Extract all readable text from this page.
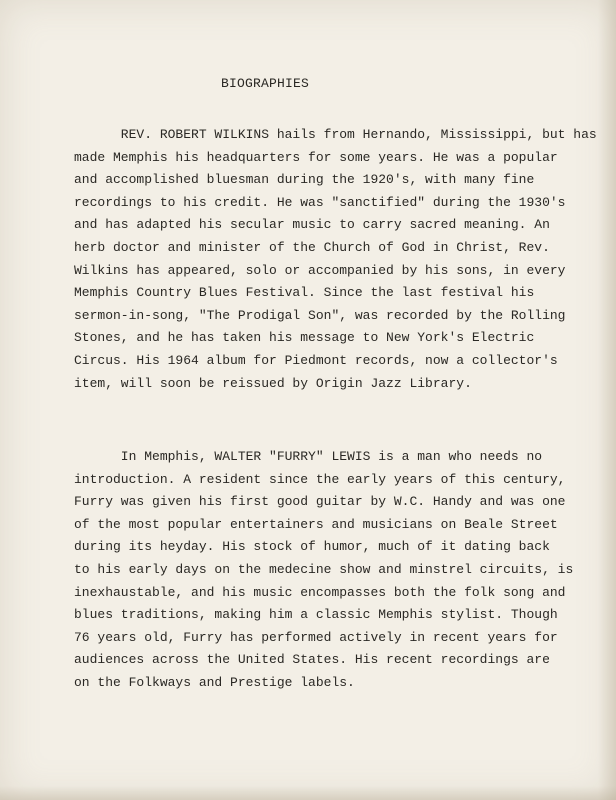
BIOGRAPHIES
REV. ROBERT WILKINS hails from Hernando, Mississippi, but has
made Memphis his headquarters for some years. He was a popular
and accomplished bluesman during the 1920's, with many fine
recordings to his credit. He was "sanctified" during the 1930's
and has adapted his secular music to carry sacred meaning. An
herb doctor and minister of the Church of God in Christ, Rev.
Wilkins has appeared, solo or accompanied by his sons, in every
Memphis Country Blues Festival. Since the last festival his
sermon-in-song, "The Prodigal Son", was recorded by the Rolling
Stones, and he has taken his message to New York's Electric
Circus. His 1964 album for Piedmont records, now a collector's
item, will soon be reissued by Origin Jazz Library.
In Memphis, WALTER "FURRY" LEWIS is a man who needs no
introduction. A resident since the early years of this century,
Furry was given his first good guitar by W.C. Handy and was one
of the most popular entertainers and musicians on Beale Street
during its heyday. His stock of humor, much of it dating back
to his early days on the medecine show and minstrel circuits, is
inexhaustable, and his music encompasses both the folk song and
blues traditions, making him a classic Memphis stylist. Though
76 years old, Furry has performed actively in recent years for
audiences across the United States. His recent recordings are
on the Folkways and Prestige labels.
